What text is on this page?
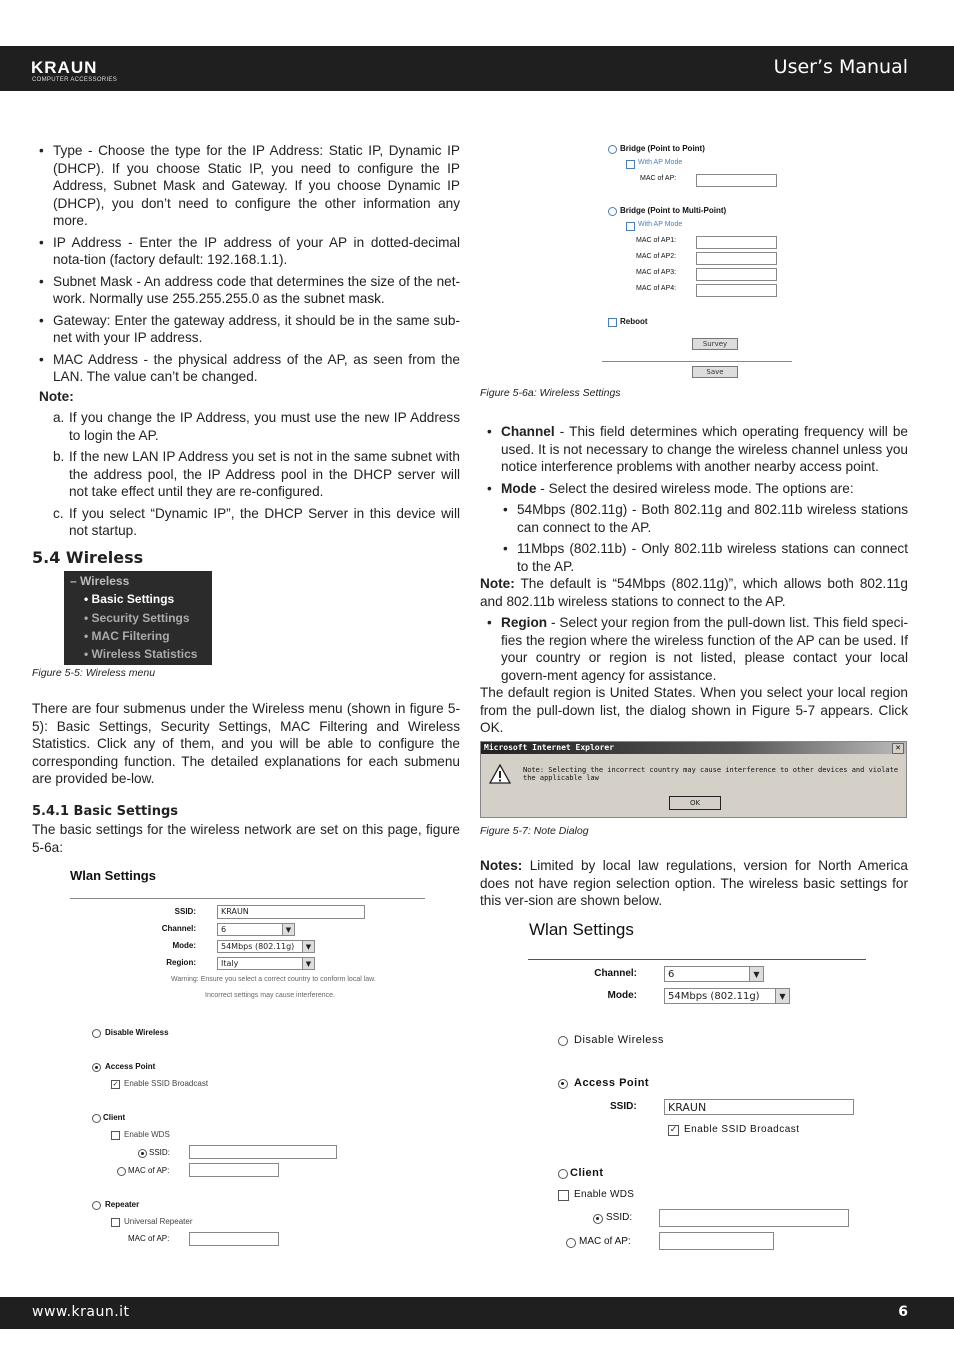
KRAUN
COMPUTER ACCESSORIES
User’s Manual
• Type - Choose the type for the IP Address: Static IP, Dynamic IP (DHCP). If you choose Static IP, you need to configure the IP Address, Subnet Mask and Gateway. If you choose Dynamic IP (DHCP), you don’t need to configure the other information any more.
• IP Address - Enter the IP address of your AP in dotted-decimal nota-tion (factory default: 192.168.1.1).
• Subnet Mask - An address code that determines the size of the net-work. Normally use 255.255.255.0 as the subnet mask.
• Gateway: Enter the gateway address, it should be in the same sub-net with your IP address.
• MAC Address - the physical address of the AP, as seen from the LAN. The value can’t be changed.
Note:
a. If you change the IP Address, you must use the new IP Address to login the AP.
b. If the new LAN IP Address you set is not in the same subnet with the address pool, the IP Address pool in the DHCP server will not take effect until they are re-configured.
c. If you select “Dynamic IP”, the DHCP Server in this device will not startup.
5.4 Wireless
– Wireless
• Basic Settings
• Security Settings
• MAC Filtering
• Wireless Statistics
Figure 5-5: Wireless menu

There are four submenus under the Wireless menu (shown in figure 5-5): Basic Settings, Security Settings, MAC Filtering and Wireless Statistics. Click any of them, and you will be able to configure the corresponding function. The detailed explanations for each submenu are provided be-low.

5.4.1 Basic Settings

The basic settings for the wireless network are set on this page, figure 5-6a:

Wlan Settings
SSID:	KRAUN
Channel:	6	▼
Mode:	54Mbps (802.11g)	▼
Region:	Italy	▼
Warning: Ensure you select a correct country to conform local law.
Incorrect settings may cause interference.
Disable Wireless
Access Point
✓ Enable SSID Broadcast
Client
Enable WDS
SSID:
MAC of AP:
Repeater
Universal Repeater
MAC of AP:
Bridge (Point to Point)
With AP Mode
MAC of AP:
Bridge (Point to Multi-Point)
With AP Mode
MAC of AP1:
MAC of AP2:
MAC of AP3:
MAC of AP4:
Reboot
Survey
Save
Figure 5-6a: Wireless Settings
• Channel - This field determines which operating frequency will be used. It is not necessary to change the wireless channel unless you notice interference problems with another nearby access point.
• Mode - Select the desired wireless mode. The options are:
• 54Mbps (802.11g) - Both 802.11g and 802.11b wireless stations can connect to the AP.
• 11Mbps (802.11b) - Only 802.11b wireless stations can connect to the AP.

Note: The default is “54Mbps (802.11g)”, which allows both 802.11g and 802.11b wireless stations to connect to the AP.

• Region - Select your region from the pull-down list. This field speci-fies the region where the wireless function of the AP can be used. If your country or region is not listed, please contact your local govern-ment agency for assistance.

The default region is United States. When you select your local region from the pull-down list, the dialog shown in Figure 5-7 appears. Click OK.

Microsoft Internet Explorer	✕
Note: Selecting the incorrect country may cause interference to other devices and violate the applicable law
OK
Figure 5-7: Note Dialog

Notes: Limited by local law regulations, version for North America does not have region selection option. The wireless basic settings for this ver-sion are shown below.

Wlan Settings
Channel:	6	▼
Mode:	54Mbps (802.11g)	▼
Disable Wireless
Access Point
SSID:	KRAUN
✓ Enable SSID Broadcast
Client
Enable WDS
SSID:
MAC of AP:
www.kraun.it	6
